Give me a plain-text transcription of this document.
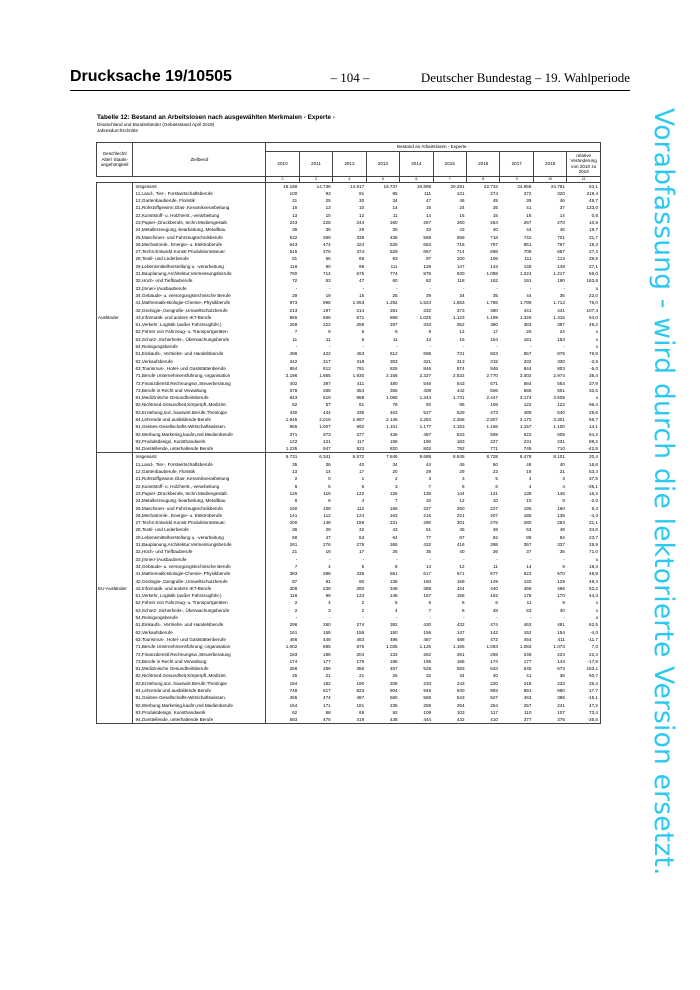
Drucksache 19/10505	– 104 –	Deutscher Bundestag – 19. Wahlperiode
Tabelle 12: Bestand an Arbeitslosen nach ausgewählten Merkmalen - Experte -
Deutschland und Bundesländer (Gebietsstand April 2019)
Jahresdurchschnitte	Vorabfassung - wird durch die lektorierte Version ersetzt.
Geschlecht/ Alter/ Staats-angehörigkeit	Zielberuf	Bestand an Arbeitslosen - Experte -									
		2010	2011	2012	2013	2014	2015	2016	2017	2018	relative Veränderung von 2010 zu 2018
		2	3	4	5	6	7	8	9	10	11
Ausländer	Insgesamt	16.168	14.736	14.617	16.737	18.899	20.291	22.732	24.855	24.761	53,1
	11,Land-, Tier-, Forstwirtschaftsberufe	100	93	91	85	111	131	274	372	320	219,4
	12,Gartenbauberufe, Floristik	31	25	30	34	47	46	45	39	46	49,7
	21,Rohstoffgewinn,Glas-,Keramikverarbeitung	16	13	10	14	16	24	35	41	37	133,0
	22,Kunststoff- u. Holzherst.,-verarbeitung	13	10	12	11	14	15	15	15	14	0,6
	23,Papier-,Druckberufe, techn.Mediengestalt.	243	228	244	260	257	260	254	267	270	10,9
	24,Metallerzeugung,-bearbeitung, Metallbau	38	35	29	30	33	43	40	44	46	19,7
	25,Maschinen- und Fahrzeugtechnikberufe	532	369	338	435	568	659	718	742	701	31,7
	26,Mechatronik-, Energie- u. Elektroberufe	643	474	424	525	663	715	797	851	767	19,3
	27,Techn.Entwickl.Konstr.Produktionssteuer.	515	376	374	529	667	714	698	708	657	27,4
	28,Textil- und Lederberufe	81	65	68	83	97	100	106	111	113	39,5
	29,Lebensmittelherstellung u. -verarbeitung	116	90	98	111	129	147	143	145	148	27,1
	31,Bauplanung,Architektur,Vermessungsberufe	780	714	675	774	876	930	1.088	1.224	1.217	56,0
	32,Hoch- und Tiefbauberufe	72	53	47	60	82	118	162	191	190	163,6
	33,(Innen-)Ausbauberufe	-	-	-	-	-	-	-	-	-	x
	34,Gebäude- u. versorgungstechnische Berufe	29	19	15	25	39	34	35	44	35	22,0
	41,Mathematik-Biologie-Chemie-,Physikberufe	973	998	1.053	1.292	1.524	1.663	1.786	1.799	1.712	76,0
	42,Geologie-,Geografie-,Umweltschutzberufe	213	197	214	281	332	373	380	441	441	107,4
	43,Informatik- und andere IKT-Berufe	855	666	671	869	1.025	1.123	1.199	1.326	1.316	54,0
	51,Verkehr, Logistik (außer Fahrzeugführ.)	259	222	259	297	333	352	380	383	387	49,2
	52,Führer von Fahrzeug- u. Transportgeräten	7	9	6	9	9	12	17	26	24	x
	53,Schutz-,Sicherheits-, Überwachungsberufe	11	11	6	11	13	16	154	181	153	x
	54,Reinigungsberufe	-	-	-	-	-	-	-	-	-	x
	61,Einkaufs-, Vertriebs- und Handelsberufe	496	422	453	612	698	731	823	857	876	76,9
	62,Verkaufsberufe	342	317	318	303	321	313	315	332	330	-3,6
	63,Tourismus-, Hotel- und Gaststättenberufe	854	812	791	825	846	874	846	844	803	-6,0
	71,Berufe Unternehmensführung,-organisation	2.196	1.955	1.930	2.156	2.337	2.532	2.770	3.002	2.974	35,4
	72,Finanzdienstl.Rechnungsw.,Steuerberatung	402	397	411	480	546	543	571	584	554	37,9
	73,Berufe in Recht und Verwaltung	378	365	354	355	408	442	506	565	501	32,5
	81,Medizinische Gesundheitsberufe	843	819	888	1.065	1.344	1.731	2.447	3.174	3.509	x
	82,Nichtmed.Gesundheit,Körperpfl.,Medizint.	62	57	61	78	92	95	108	122	122	96,4
	83,Erziehung,soz.,hauswirt.Berufe,Theologie	430	444	436	463	527	529	473	489	540	25,6
	84,Lehrende und ausbildende Berufe	1.945	2.016	1.997	2.146	2.284	2.368	2.807	3.172	3.301	69,7
	91,Geistes-Gesellschafts-Wirtschaftswissen.	965	1.007	992	1.101	1.177	1.153	1.166	1.157	1.100	14,1
	92,Werbung,Marketing,kaufm,red.Medienberufe	371	373	377	436	487	533	569	622	609	64,2
	93,Produktdesign, Kunsthandwerk	122	121	117	158	190	183	227	231	231	89,2
	94,Darstellende, unterhaltende Berufe	1.235	947	823	820	802	782	771	749	710	-42,5
EU-Ausländer	Insgesamt	6.731	6.341	6.572	7.846	8.688	8.845	8.728	8.478	8.101	20,4
	11,Land-, Tier-, Forstwirtschaftsberufe	35	36	40	34	44	45	50	46	40	16,6
	12,Gartenbauberufe, Floristik	13	14	17	20	29	29	22	18	21	53,4
	21,Rohstoffgewinn,Glas-,Keramikverarbeitung	2	0	1	2	3	3	5	4	3	37,5
	22,Kunststoff- u. Holzherst.,-verarbeitung	6	5	6	3	7	6	6	4	4	-35,1
	23,Papier-,Druckberufe, techn.Mediengestalt.	125	115	122	125	135	144	131	138	146	16,2
	24,Metallerzeugung,-bearbeitung, Metallbau	8	6	4	7	10	12	10	10	8	-2,0
	25,Maschinen- und Fahrzeugtechnikberufe	150	108	112	165	227	250	227	195	160	6,3
	26,Mechatronik-, Energie- u. Elektroberufe	141	112	124	163	216	221	207	185	135	-4,3
	27,Techn.Entwickl.Konstr.Produktionssteuer.	200	148	159	231	290	301	275	280	263	31,1
	28,Textil- und Lederberufe	36	29	32	43	51	45	48	53	49	34,6
	29,Lebensmittelherstellung u. -verarbeitung	68	47	53	64	77	87	92	89	84	23,7
	31,Bauplanung,Architektur,Vermessungsberufe	261	276	275	365	432	416	398	357	337	28,9
	32,Hoch- und Tiefbauberufe	21	16	17	25	35	40	36	37	36	71,0
	33,(Innen-)Ausbauberufe	-	-	-	-	-	-	-	-	-	x
	34,Gebäude- u. versorgungstechnische Berufe	7	4	5	8	14	12	11	14	9	18,4
	41,Mathematik-Biologie-Chemie-,Physikberufe	383	398	435	551	617	671	677	623	570	48,9
	42,Geologie-,Geografie-,Umweltschutzberufe	87	91	90	136	150	159	149	140	129	48,4
	43,Informatik- und andere IKT-Berufe	306	238	260	346	388	424	440	466	466	53,2
	51,Verkehr, Logistik (außer Fahrzeugführ.)	118	99	123	148	157	158	182	176	170	44,3
	52,Führer von Fahrzeug- u. Transportgeräten	2	4	2	5	6	6	6	11	9	x
	53,Schutz-,Sicherheits-, Überwachungsberufe	2	3	2	4	7	8	48	53	40	x
	54,Reinigungsberufe	-	-	-	-	-	-	-	-	-	x
	61,Einkaufs-, Vertriebs- und Handelsberufe	296	260	274	382	430	432	474	463	481	62,5
	62,Verkaufsberufe	161	155	158	150	156	147	142	152	154	-4,0
	63,Tourismus-, Hotel- und Gaststättenberufe	466	448	463	496	487	488	472	454	411	-11,7
	71,Berufe Unternehmensführung,-organisation	1.002	885	876	1.035	1.125	1.165	1.083	1.083	1.073	7,0
	72,Finanzdienstl.Rechnungsw.,Steuerberatung	183	186	204	233	262	261	268	248	224	22,4
	73,Berufe in Recht und Verwaltung	174	177	176	186	195	185	174	177	143	-17,8
	81,Medizinische Gesundheitsberufe	256	286	356	457	528	583	634	645	673	163,1
	82,Nichtmed.Gesundheit,Körperpfl.,Medizint.	25	21	21	25	32	34	40	41	38	50,7
	83,Erziehung,soz.,hauswirt.Berufe,Theologie	184	182	190	208	233	243	220	218	233	26,4
	84,Lehrende und ausbildende Berufe	748	817	823	904	945	940	893	891	880	17,7
	91,Geistes-Gesellschafts-Wirtschaftswissen.	455	474	487	560	588	543	527	463	386	-15,1
	92,Werbung,Marketing,kaufm,red.Medienberufe	164	171	181	235	259	254	254	257	241	47,2
	93,Produktdesign, Kunsthandwerk	62	68	65	92	109	103	117	110	107	73,4
	94,Darstellende, unterhaltende Berufe	583	475	419	438	444	432	410	377	376	-35,5
